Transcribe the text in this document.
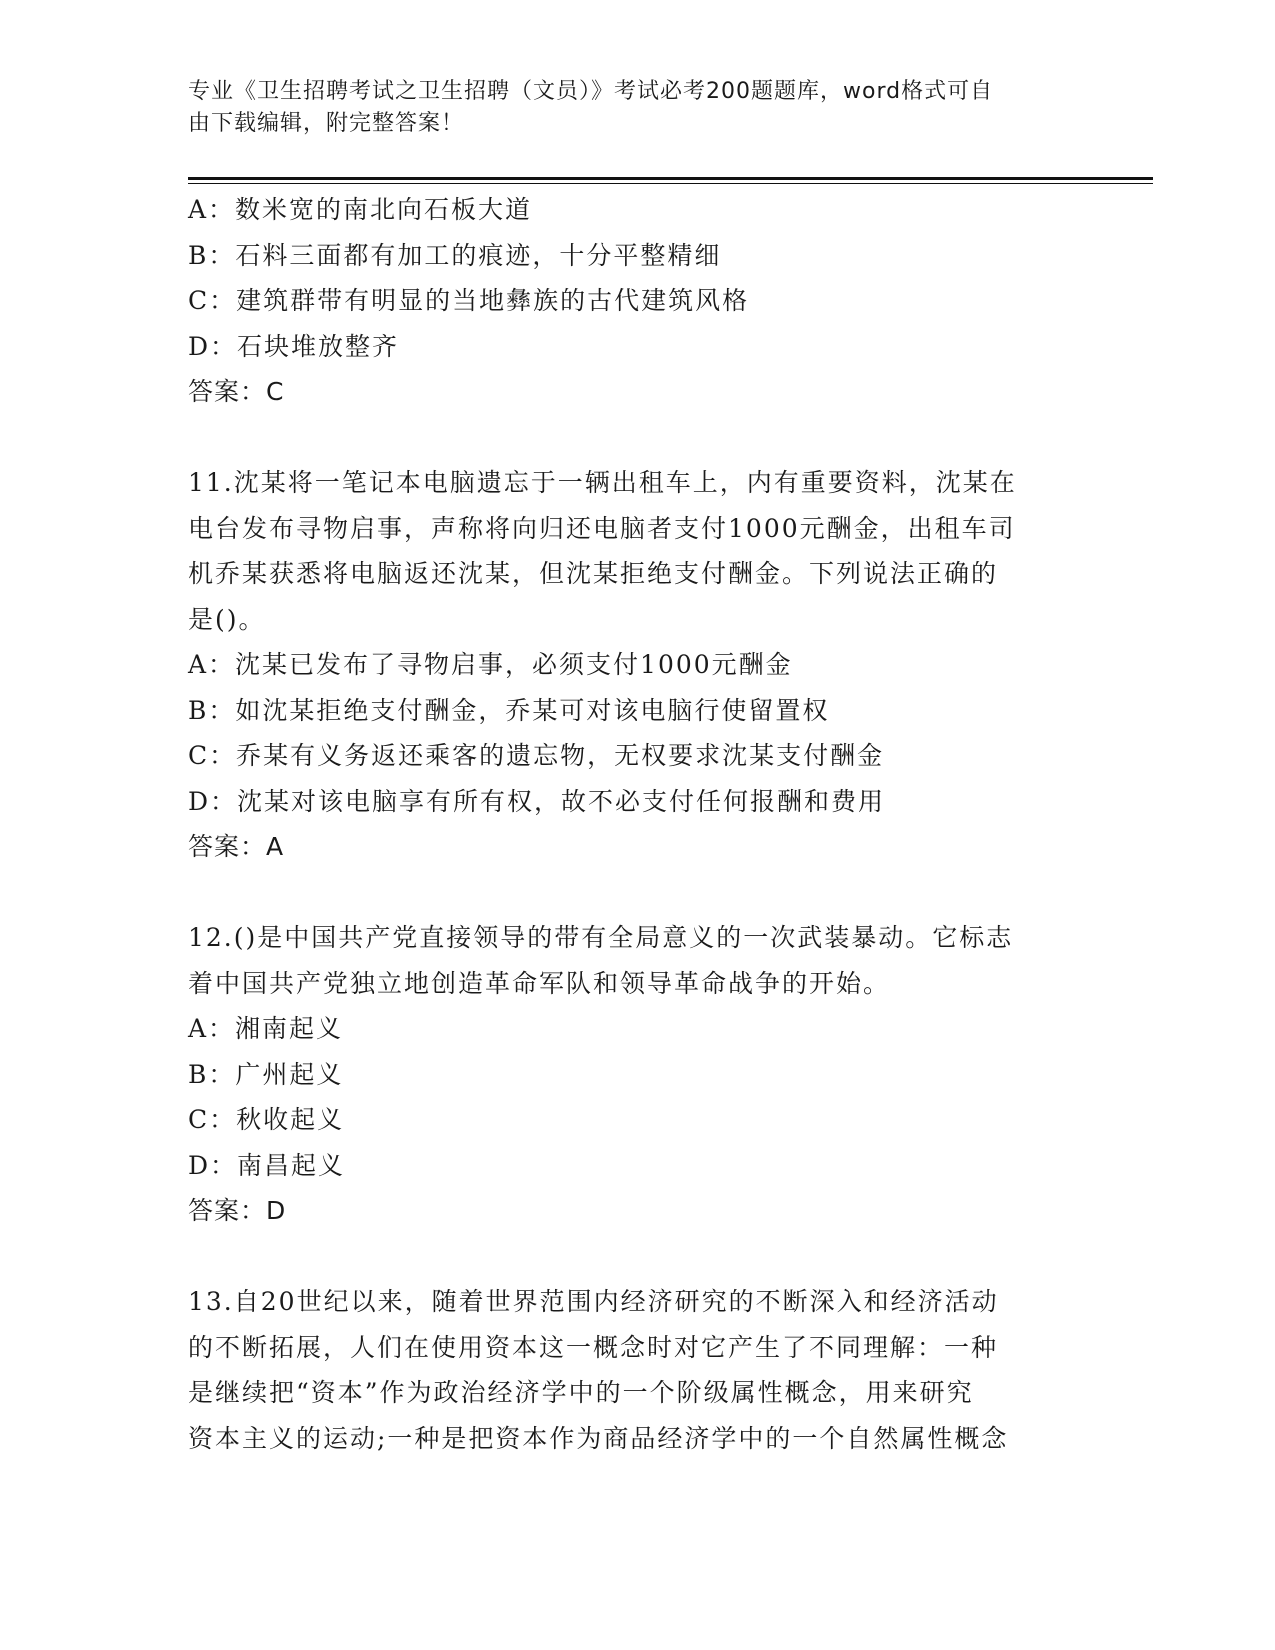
专业《卫生招聘考试之卫生招聘（文员）》考试必考200题题库，word格式可自
由下载编辑，附完整答案！
A：数米宽的南北向石板大道
B：石料三面都有加工的痕迹，十分平整精细
C：建筑群带有明显的当地彝族的古代建筑风格
D：石块堆放整齐
答案：C
11.沈某将一笔记本电脑遗忘于一辆出租车上，内有重要资料，沈某在
电台发布寻物启事，声称将向归还电脑者支付1000元酬金，出租车司
机乔某获悉将电脑返还沈某，但沈某拒绝支付酬金。下列说法正确的
是()。
A：沈某已发布了寻物启事，必须支付1000元酬金
B：如沈某拒绝支付酬金，乔某可对该电脑行使留置权
C：乔某有义务返还乘客的遗忘物，无权要求沈某支付酬金
D：沈某对该电脑享有所有权，故不必支付任何报酬和费用
答案：A
12.()是中国共产党直接领导的带有全局意义的一次武装暴动。它标志
着中国共产党独立地创造革命军队和领导革命战争的开始。
A：湘南起义
B：广州起义
C：秋收起义
D：南昌起义
答案：D
13.自20世纪以来，随着世界范围内经济研究的不断深入和经济活动
的不断拓展，人们在使用资本这一概念时对它产生了不同理解：一种
是继续把“资本”作为政治经济学中的一个阶级属性概念，用来研究
资本主义的运动;一种是把资本作为商品经济学中的一个自然属性概念
